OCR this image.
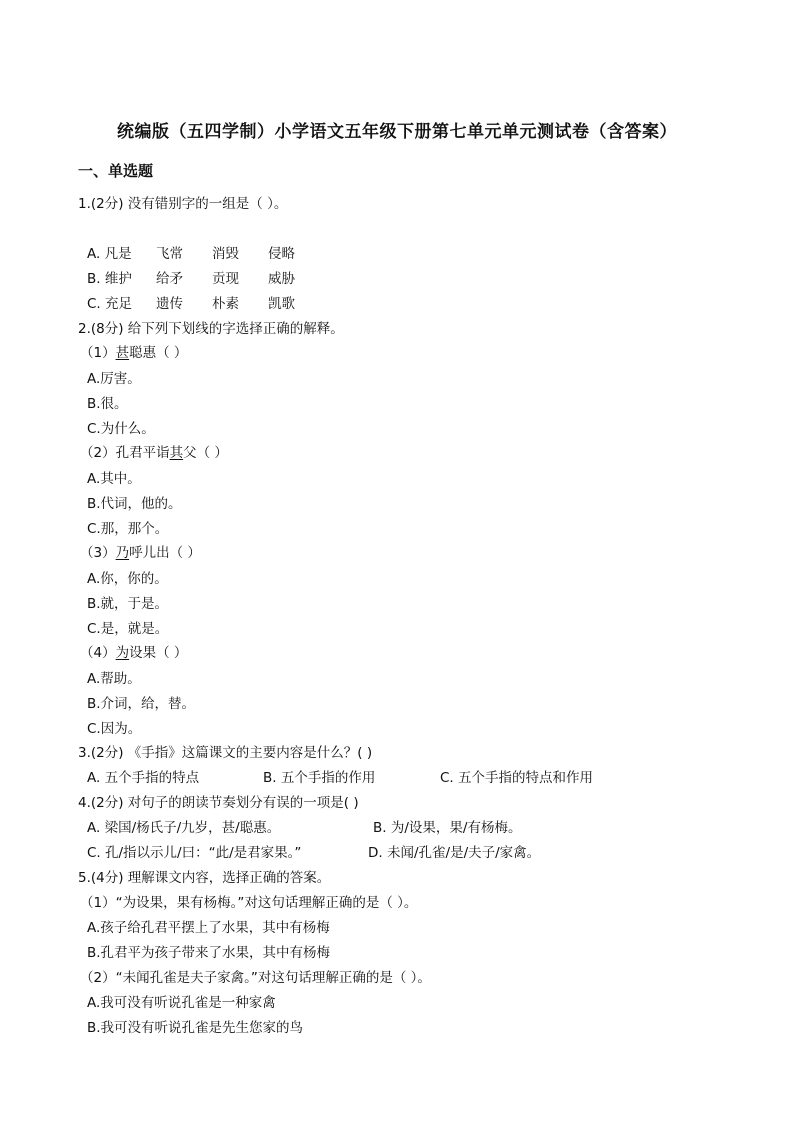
统编版（五四学制）小学语文五年级下册第七单元单元测试卷（含答案）
一、单选题
1.(2分) 没有错别字的一组是（ ）。
A. 凡是 飞常 消毁 侵略
B. 维护 给矛 贡现 威胁
C. 充足 遗传 朴素 凯歌
2.(8分) 给下列下划线的字选择正确的解释。
（1）甚聪惠（ ）
A.厉害。
B.很。
C.为什么。
（2）孔君平诣其父（ ）
A.其中。
B.代词，他的。
C.那，那个。
（3）乃呼儿出（ ）
A.你，你的。
B.就，于是。
C.是，就是。
（4）为设果（ ）
A.帮助。
B.介词，给，替。
C.因为。
3.(2分) 《手指》这篇课文的主要内容是什么？( )
A. 五个手指的特点	B. 五个手指的作用	C. 五个手指的特点和作用
4.(2分) 对句子的朗读节奏划分有误的一项是( )
A. 梁国/杨氏子/九岁，甚/聪惠。	B. 为/设果，果/有杨梅。
C. 孔/指以示儿/曰：“此/是君家果。”	D. 未闻/孔雀/是/夫子/家禽。
5.(4分) 理解课文内容，选择正确的答案。
（1）“为设果，果有杨梅。”对这句话理解正确的是（ ）。
A.孩子给孔君平摆上了水果，其中有杨梅
B.孔君平为孩子带来了水果，其中有杨梅
（2）“未闻孔雀是夫子家禽。”对这句话理解正确的是（ ）。
A.我可没有听说孔雀是一种家禽
B.我可没有听说孔雀是先生您家的鸟
